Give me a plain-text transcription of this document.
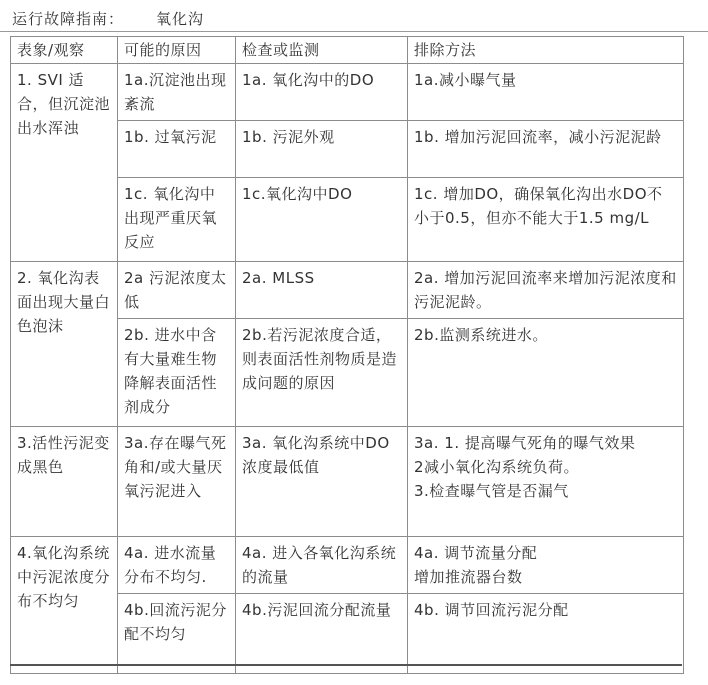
运行故障指南： 氧化沟
表象/观察	可能的原因	检查或监测	排除方法
1. SVI 适合，但沉淀池出水浑浊	1a.沉淀池出现紊流	1a. 氧化沟中的DO	1a.减小曝气量

	1b. 过氧污泥	1b. 污泥外观	1b. 增加污泥回流率，减小污泥泥龄

	1c. 氧化沟中出现严重厌氧反应	1c.氧化沟中DO	1c. 增加DO，确保氧化沟出水DO不小于0.5，但亦不能大于1.5 mg/L

2. 氧化沟表面出现大量白色泡沫	2a 污泥浓度太低	2a. MLSS	2a. 增加污泥回流率来增加污泥浓度和污泥泥龄。

	2b. 进水中含有大量难生物降解表面活性剂成分	2b.若污泥浓度合适，则表面活性剂物质是造成问题的原因	2b.监测系统进水。

3.活性污泥变成黑色	3a.存在曝气死角和/或大量厌氧污泥进入	3a. 氧化沟系统中DO浓度最低值	3a. 1. 提高曝气死角的曝气效果
2减小氧化沟系统负荷。
3.检查曝气管是否漏气

4.氧化沟系统中污泥浓度分布不均匀	4a. 进水流量分布不均匀.	4a. 进入各氧化沟系统的流量	4a. 调节流量分配
增加推流器台数

	4b.回流污泥分配不均匀	4b.污泥回流分配流量	4b. 调节回流污泥分配
